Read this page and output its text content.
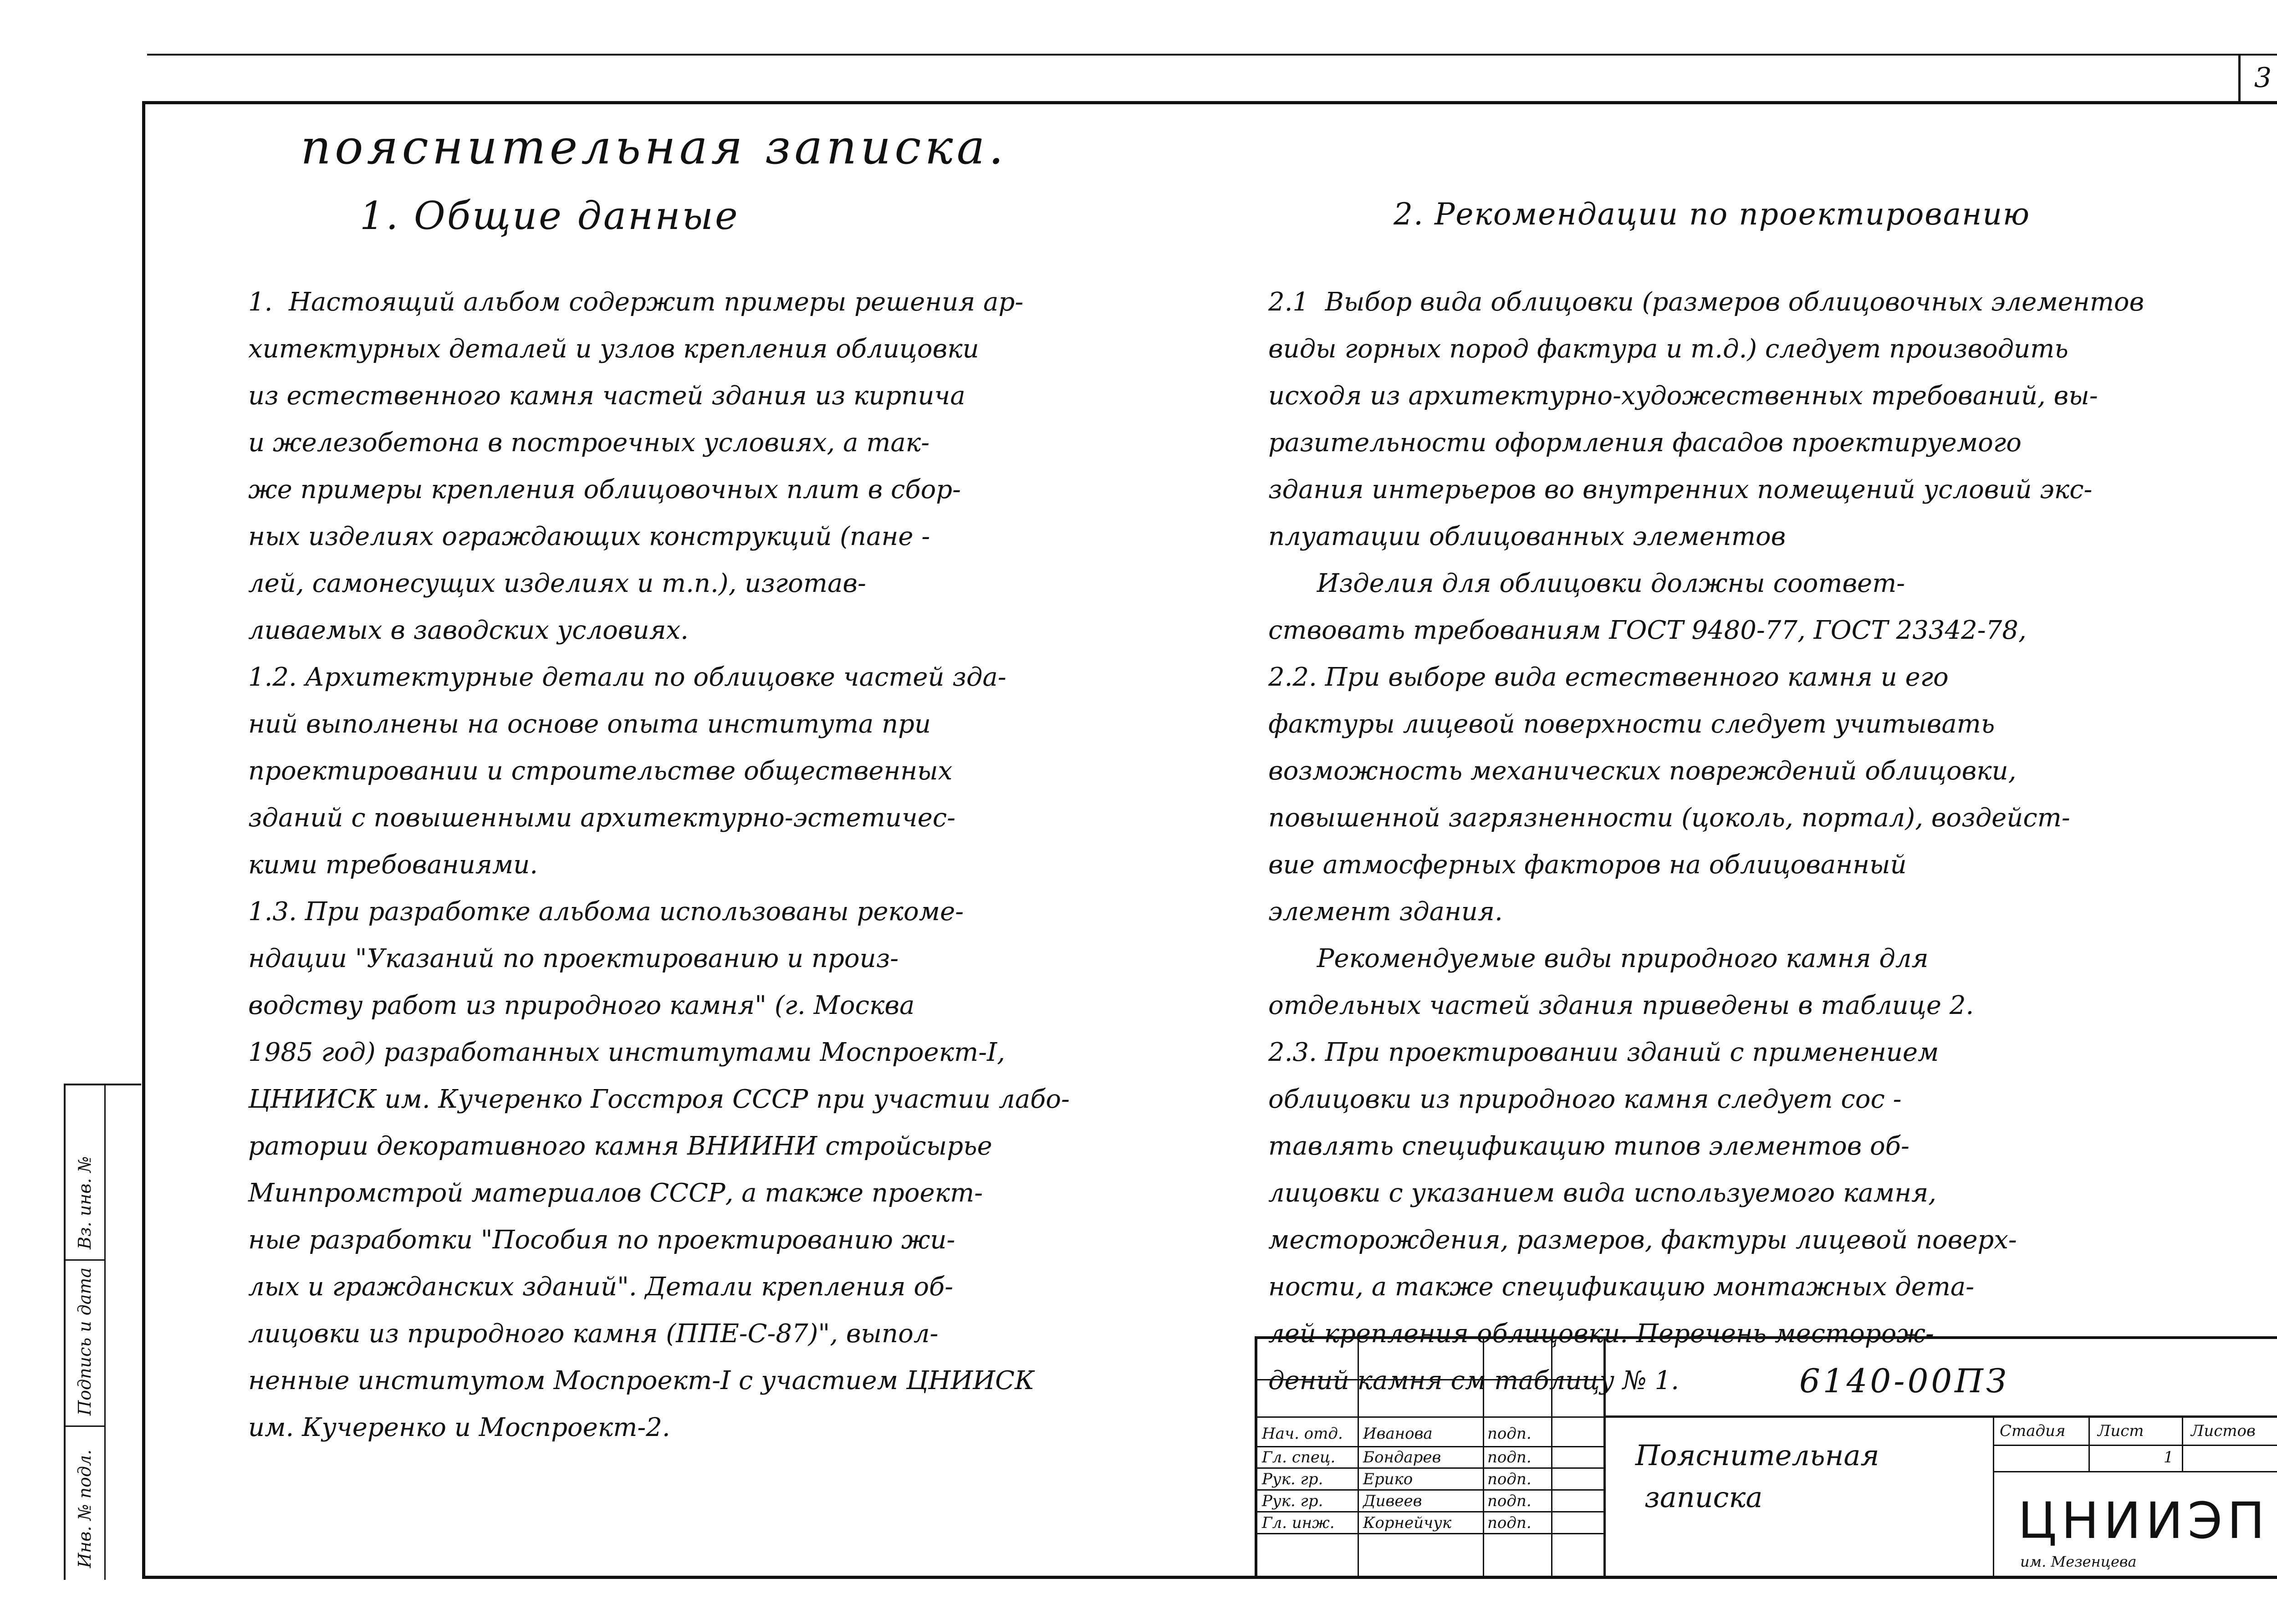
3
пояснительная записка.
1. Общие данные	2. Рекомендации по проектированию
1.  Настоящий альбом содержит примеры решения ар-
хитектурных деталей и узлов крепления облицовки
из естественного камня частей здания из кирпича
и железобетона в построечных условиях, а так-
же примеры крепления облицовочных плит в сбор-
ных изделиях ограждающих конструкций (пане -
лей, самонесущих изделиях и т.п.), изготав-
ливаемых в заводских условиях.
1.2. Архитектурные детали по облицовке частей зда-
ний выполнены на основе опыта института при
проектировании и строительстве общественных
зданий с повышенными архитектурно-эстетичес-
кими требованиями.
1.3. При разработке альбома использованы рекоме-
ндации "Указаний по проектированию и произ-
водству работ из природного камня" (г. Москва
1985 год) разработанных институтами Моспроект-I,
ЦНИИСК им. Кучеренко Госстроя СССР при участии лабо-
ратории декоративного камня ВНИИНИ стройсырье
Минпромстрой материалов СССР, а также проект-
ные разработки "Пособия по проектированию жи-
лых и гражданских зданий". Детали крепления об-
лицовки из природного камня (ППЕ-С-87)", выпол-
ненные институтом Моспроект-I с участием ЦНИИСК
им. Кучеренко и Моспроект-2.
2.1  Выбор вида облицовки (размеров облицовочных элементов
виды горных пород фактура и т.д.) следует производить
исходя из архитектурно-художественных требований, вы-
разительности оформления фасадов проектируемого
здания интерьеров во внутренних помещений условий экс-
плуатации облицованных элементов
Изделия для облицовки должны соответ-
ствовать требованиям ГОСТ 9480-77, ГОСТ 23342-78,
2.2. При выборе вида естественного камня и его
фактуры лицевой поверхности следует учитывать
возможность механических повреждений облицовки,
повышенной загрязненности (цоколь, портал), воздейст-
вие атмосферных факторов на облицованный
элемент здания.
Рекомендуемые виды природного камня для
отдельных частей здания приведены в таблице 2.
2.3. При проектировании зданий с применением
облицовки из природного камня следует сос -
тавлять спецификацию типов элементов об-
лицовки с указанием вида используемого камня,
месторождения, размеров, фактуры лицевой поверх-
ности, а также спецификацию монтажных дета-
лей крепления облицовки. Перечень месторож-
дений камня см таблицу № 1.
Вз. инв. №
Подпись и дата
Инв. № подл.
Нач. отд.
Гл. спец.
Рук. гр.
Рук. гр.
Гл. инж.
Иванова
Бондарев
Ерико
Дивеев
Корнейчук
подп.
подп.
подп.
подп.
подп.
6140-00ПЗ
Пояснительная
записка
Стадия Лист	Листов
1
ЦНИИЭП
им. Мезенцева
